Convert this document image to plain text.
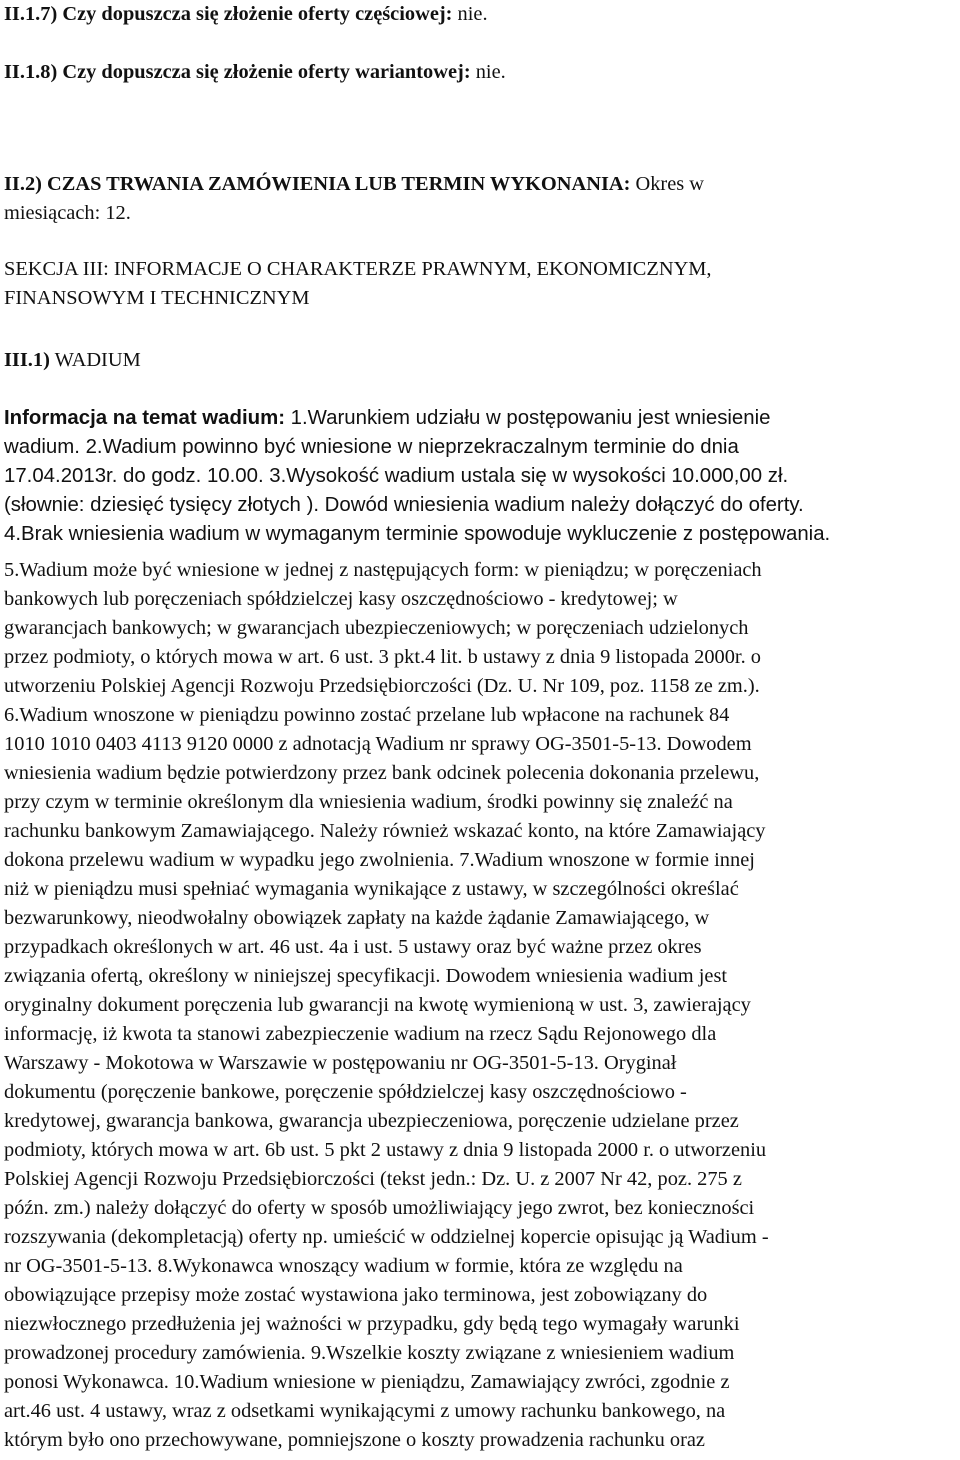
II.1.7) Czy dopuszcza się złożenie oferty częściowej: nie.
II.1.8) Czy dopuszcza się złożenie oferty wariantowej: nie.
II.2) CZAS TRWANIA ZAMÓWIENIA LUB TERMIN WYKONANIA: Okres w
miesiącach: 12.
SEKCJA III: INFORMACJE O CHARAKTERZE PRAWNYM, EKONOMICZNYM,
FINANSOWYM I TECHNICZNYM
III.1) WADIUM
Informacja na temat wadium: 1.Warunkiem udziału w postępowaniu jest wniesienie
wadium. 2.Wadium powinno być wniesione w nieprzekraczalnym terminie do dnia
17.04.2013r. do godz. 10.00. 3.Wysokość wadium ustala się w wysokości 10.000,00 zł.
(słownie: dziesięć tysięcy złotych ). Dowód wniesienia wadium należy dołączyć do oferty.
4.Brak wniesienia wadium w wymaganym terminie spowoduje wykluczenie z postępowania.
5.Wadium może być wniesione w jednej z następujących form: w pieniądzu; w poręczeniach
bankowych lub poręczeniach spółdzielczej kasy oszczędnościowo - kredytowej; w
gwarancjach bankowych; w gwarancjach ubezpieczeniowych; w poręczeniach udzielonych
przez podmioty, o których mowa w art. 6 ust. 3 pkt.4 lit. b ustawy z dnia 9 listopada 2000r. o
utworzeniu Polskiej Agencji Rozwoju Przedsiębiorczości (Dz. U. Nr 109, poz. 1158 ze zm.).
6.Wadium wnoszone w pieniądzu powinno zostać przelane lub wpłacone na rachunek 84
1010 1010 0403 4113 9120 0000 z adnotacją Wadium nr sprawy OG-3501-5-13. Dowodem
wniesienia wadium będzie potwierdzony przez bank odcinek polecenia dokonania przelewu,
przy czym w terminie określonym dla wniesienia wadium, środki powinny się znaleźć na
rachunku bankowym Zamawiającego. Należy również wskazać konto, na które Zamawiający
dokona przelewu wadium w wypadku jego zwolnienia. 7.Wadium wnoszone w formie innej
niż w pieniądzu musi spełniać wymagania wynikające z ustawy, w szczególności określać
bezwarunkowy, nieodwołalny obowiązek zapłaty na każde żądanie Zamawiającego, w
przypadkach określonych w art. 46 ust. 4a i ust. 5 ustawy oraz być ważne przez okres
związania ofertą, określony w niniejszej specyfikacji. Dowodem wniesienia wadium jest
oryginalny dokument poręczenia lub gwarancji na kwotę wymienioną w ust. 3, zawierający
informację, iż kwota ta stanowi zabezpieczenie wadium na rzecz Sądu Rejonowego dla
Warszawy - Mokotowa w Warszawie w postępowaniu nr OG-3501-5-13. Oryginał
dokumentu (poręczenie bankowe, poręczenie spółdzielczej kasy oszczędnościowo -
kredytowej, gwarancja bankowa, gwarancja ubezpieczeniowa, poręczenie udzielane przez
podmioty, których mowa w art. 6b ust. 5 pkt 2 ustawy z dnia 9 listopada 2000 r. o utworzeniu
Polskiej Agencji Rozwoju Przedsiębiorczości (tekst jedn.: Dz. U. z 2007 Nr 42, poz. 275 z
późn. zm.) należy dołączyć do oferty w sposób umożliwiający jego zwrot, bez konieczności
rozszywania (dekompletacją) oferty np. umieścić w oddzielnej kopercie opisując ją Wadium -
nr OG-3501-5-13. 8.Wykonawca wnoszący wadium w formie, która ze względu na
obowiązujące przepisy może zostać wystawiona jako terminowa, jest zobowiązany do
niezwłocznego przedłużenia jej ważności w przypadku, gdy będą tego wymagały warunki
prowadzonej procedury zamówienia. 9.Wszelkie koszty związane z wniesieniem wadium
ponosi Wykonawca. 10.Wadium wniesione w pieniądzu, Zamawiający zwróci, zgodnie z
art.46 ust. 4 ustawy, wraz z odsetkami wynikającymi z umowy rachunku bankowego, na
którym było ono przechowywane, pomniejszone o koszty prowadzenia rachunku oraz
